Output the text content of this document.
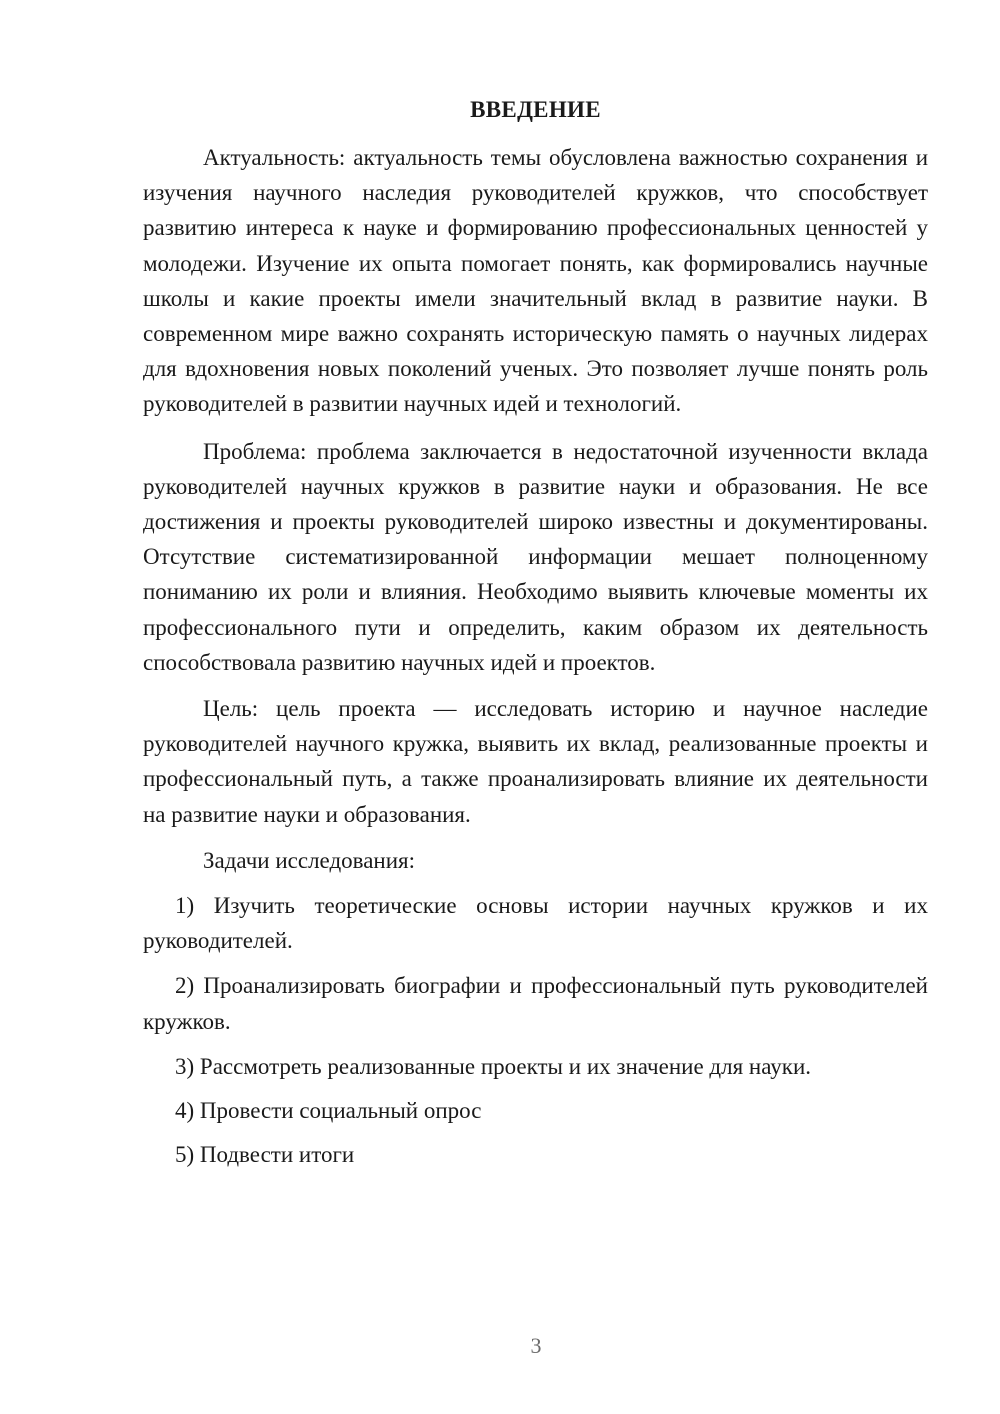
ВВЕДЕНИЕ

Актуальность: актуальность темы обусловлена важностью сохранения и изучения научного наследия руководителей кружков, что способствует развитию интереса к науке и формированию профессиональных ценностей у молодежи. Изучение их опыта помогает понять, как формировались научные школы и какие проекты имели значительный вклад в развитие науки. В современном мире важно сохранять историческую память о научных лидерах для вдохновения новых поколений ученых. Это позволяет лучше понять роль руководителей в развитии научных идей и технологий.

Проблема: проблема заключается в недостаточной изученности вклада руководителей научных кружков в развитие науки и образования. Не все достижения и проекты руководителей широко известны и документированы. Отсутствие систематизированной информации мешает полноценному пониманию их роли и влияния. Необходимо выявить ключевые моменты их профессионального пути и определить, каким образом их деятельность способствовала развитию научных идей и проектов.

Цель: цель проекта — исследовать историю и научное наследие руководителей научного кружка, выявить их вклад, реализованные проекты и профессиональный путь, а также проанализировать влияние их деятельности на развитие науки и образования.

Задачи исследования:

1) Изучить теоретические основы истории научных кружков и их руководителей.

2) Проанализировать биографии и профессиональный путь руководителей кружков.

3) Рассмотреть реализованные проекты и их значение для науки.

4) Провести социальный опрос

5) Подвести итоги

3
